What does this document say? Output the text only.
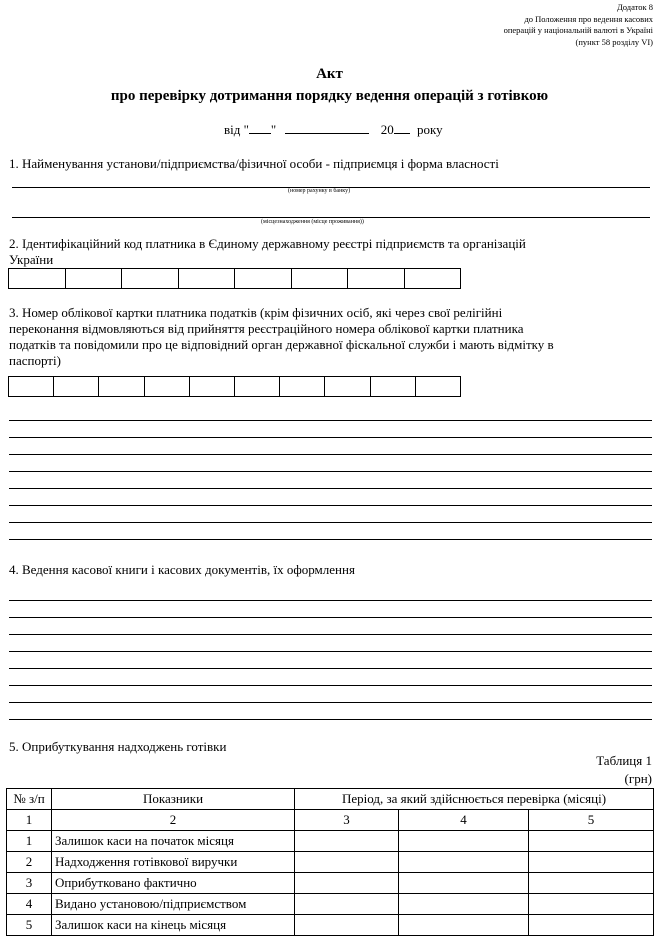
Додаток 8
до Положення про ведення касових
операцій у національній валюті в Україні
(пункт 58 розділу VI)
Акт
про перевірку дотримання порядку ведення операцій з готівкою
від " "	20 року
1. Найменування установи/підприємства/фізичної особи - підприємця і форма власності
(номер рахунку в банку)
(місцезнаходження (місце проживання))
2. Ідентифікаційний код платника в Єдиному державному реєстрі підприємств та організацій
України
3. Номер облікової картки платника податків (крім фізичних осіб, які через свої релігійні
переконання відмовляються від прийняття реєстраційного номера облікової картки платника
податків та повідомили про це відповідний орган державної фіскальної служби і мають відмітку в
паспорті)
4. Ведення касової книги і касових документів, їх оформлення
5. Оприбуткування надходжень готівки
Таблиця 1
(грн)
№ з/п	Показники	Період, за який здійснюється перевірка (місяці)		
1	2	3	4	5
1	Залишок каси на початок місяця			
2	Надходження готівкової виручки			
3	Оприбутковано фактично			
4	Видано установою/підприємством			
5	Залишок каси на кінець місяця			
